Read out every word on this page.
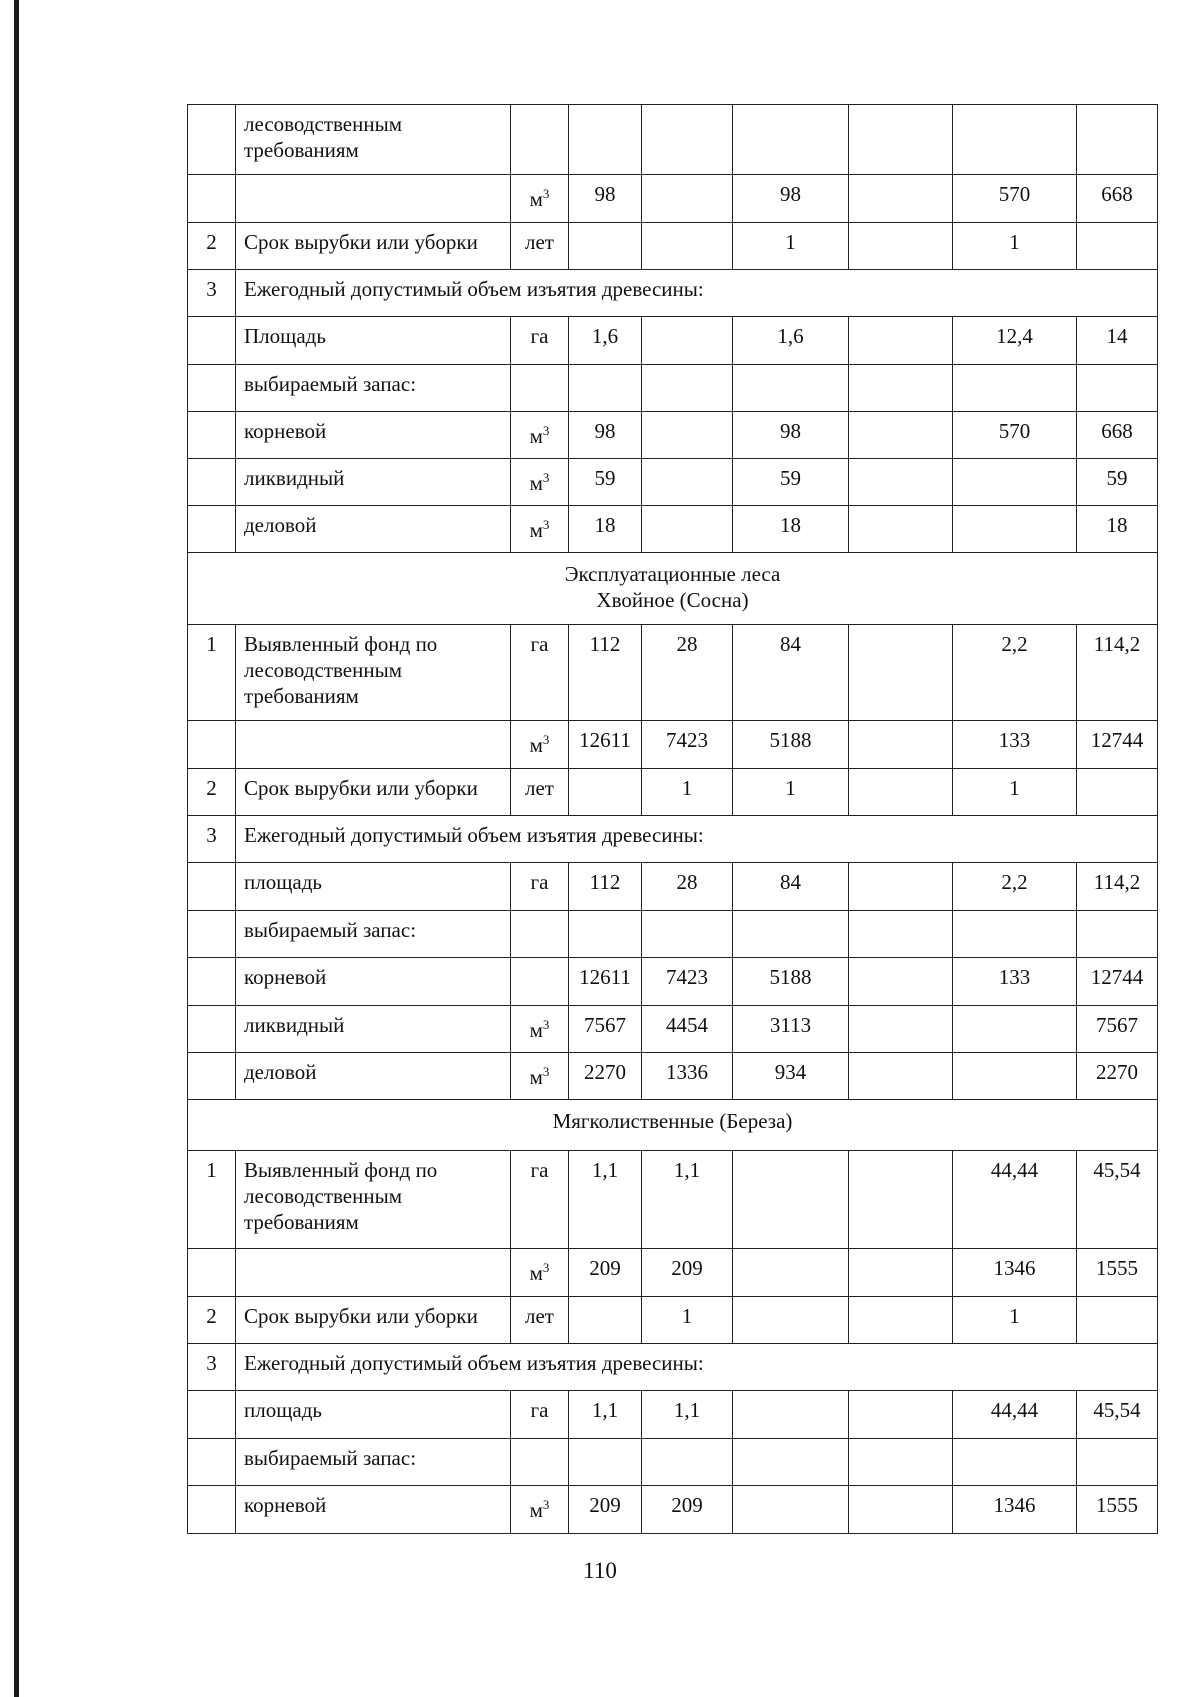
	лесоводственным
требованиям							

	$м^3$	98		98		570	668
2	Срок вырубки или уборки	лет			1		1	
3	Ежегодный допустимый объем изъятия древесины:							

	Площадь	га	1,6		1,6		12,4	14

	выбираемый запас:							

	корневой	$м^3$	98		98		570	668

	ликвидный	$м^3$	59		59			59

	деловой	$м^3$	18		18			18

Эксплуатационные леса
Хвойное (Сосна)								

1	Выявленный фонд по
лесоводственным
требованиям	га	112	28	84		2,2	114,2

	$м^3$	12611	7423	5188		133	12744
2	Срок вырубки или уборки	лет		1	1		1	
3	Ежегодный допустимый объем изъятия древесины:							

	площадь	га	112	28	84		2,2	114,2

	выбираемый запас:							

	корневой		12611	7423	5188		133	12744

	ликвидный	$м^3$	7567	4454	3113			7567

	деловой	$м^3$	2270	1336	934			2270

Мягколиственные (Береза)								

1	Выявленный фонд по
лесоводственным
требованиям	га	1,1	1,1			44,44	45,54

	$м^3$	209	209			1346	1555
2	Срок вырубки или уборки	лет		1			1	
3	Ежегодный допустимый объем изъятия древесины:							

	площадь	га	1,1	1,1			44,44	45,54

	выбираемый запас:							

	корневой	$м^3$	209	209			1346	1555
110
